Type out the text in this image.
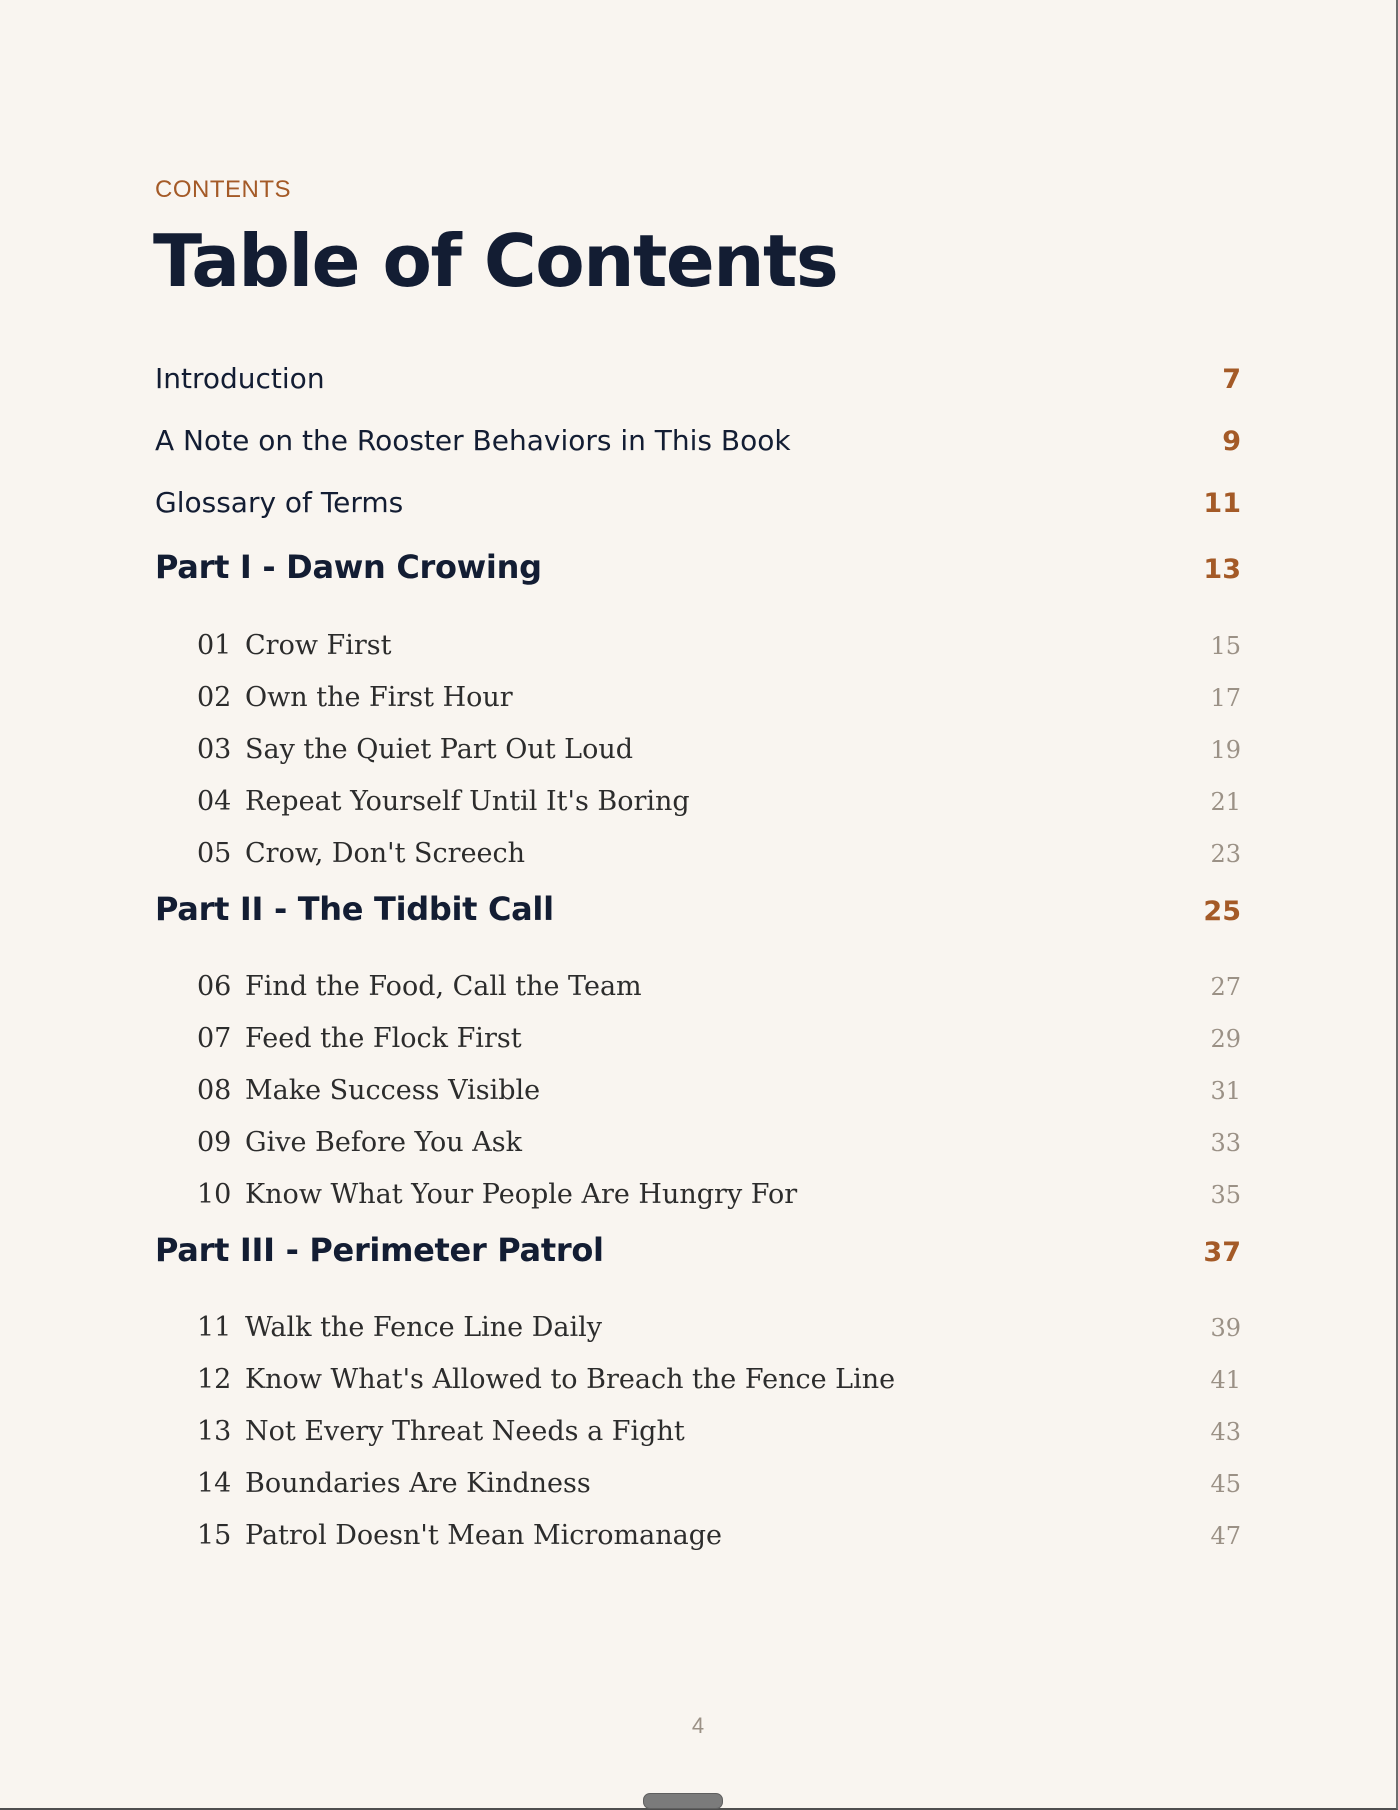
CONTENTS
Table of Contents
Introduction	7
A Note on the Rooster Behaviors in This Book	9
Glossary of Terms	11
Part I - Dawn Crowing	13
01 Crow First	15
02 Own the First Hour	17
03 Say the Quiet Part Out Loud	19
04 Repeat Yourself Until It's Boring	21
05 Crow, Don't Screech	23
Part II - The Tidbit Call	25
06 Find the Food, Call the Team	27
07 Feed the Flock First	29
08 Make Success Visible	31
09 Give Before You Ask	33
10 Know What Your People Are Hungry For	35
Part III - Perimeter Patrol	37
11 Walk the Fence Line Daily	39
12 Know What's Allowed to Breach the Fence Line	41
13 Not Every Threat Needs a Fight	43
14 Boundaries Are Kindness	45
15 Patrol Doesn't Mean Micromanage	47
4
